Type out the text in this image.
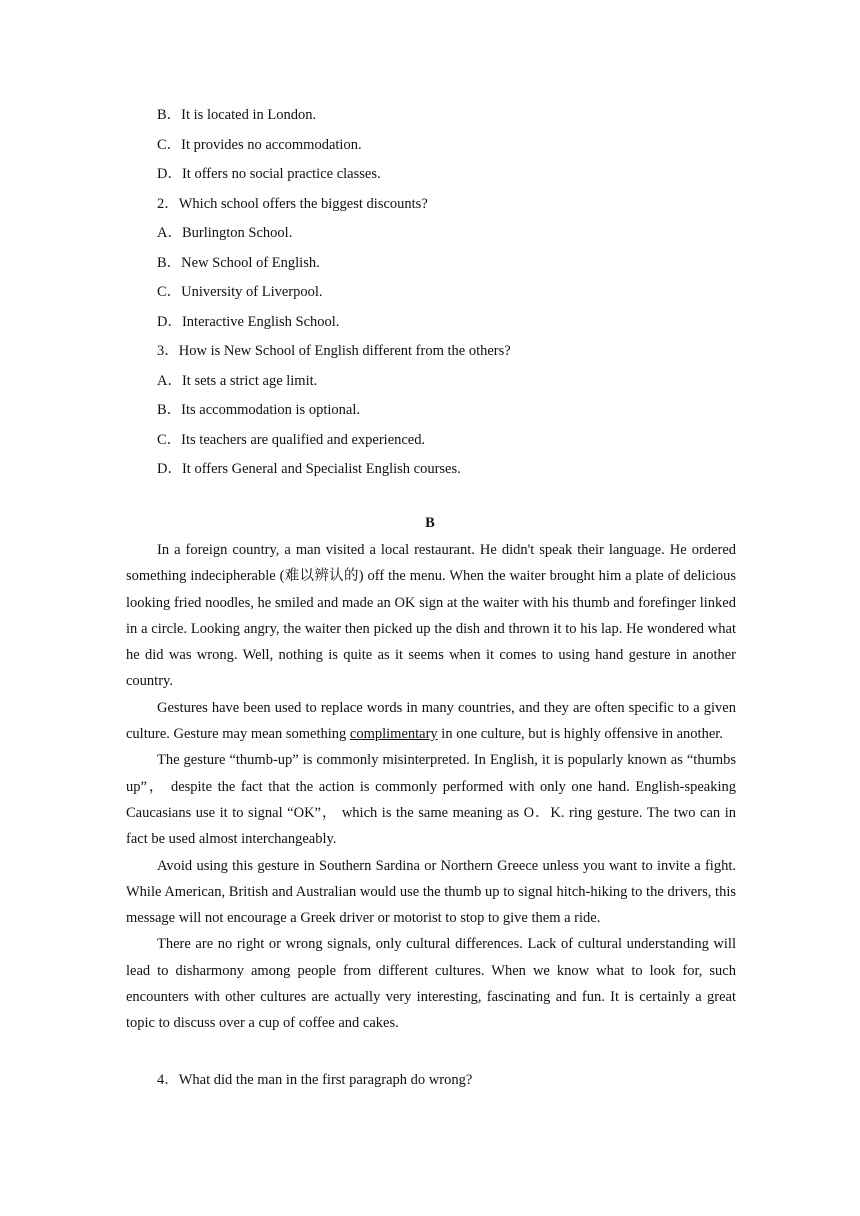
B．It is located in London.
C．It provides no accommodation.
D．It offers no social practice classes.
2．Which school offers the biggest discounts?
A．Burlington School.
B．New School of English.
C．University of Liverpool.
D．Interactive English School.
3．How is New School of English different from the others?
A．It sets a strict age limit.
B．Its accommodation is optional.
C．Its teachers are qualified and experienced.
D．It offers General and Specialist English courses.
B

In a foreign country, a man visited a local restaurant. He didn't speak their language. He ordered something indecipherable (难以辨认的) off the menu. When the waiter brought him a plate of delicious looking fried noodles, he smiled and made an OK sign at the waiter with his thumb and forefinger linked in a circle. Looking angry, the waiter then picked up the dish and thrown it to his lap. He wondered what he did was wrong. Well, nothing is quite as it seems when it comes to using hand gesture in another country.

Gestures have been used to replace words in many countries, and they are often specific to a given culture. Gesture may mean something complimentary in one culture, but is highly offensive in another.

The gesture “thumb-up” is commonly misinterpreted. In English, it is popularly known as “thumbs up”， despite the fact that the action is commonly performed with only one hand. English-speaking Caucasians use it to signal “OK”， which is the same meaning as O．K. ring gesture. The two can in fact be used almost interchangeably.

Avoid using this gesture in Southern Sardina or Northern Greece unless you want to invite a fight. While American, British and Australian would use the thumb up to signal hitch-hiking to the drivers, this message will not encourage a Greek driver or motorist to stop to give them a ride.

There are no right or wrong signals, only cultural differences. Lack of cultural understanding will lead to disharmony among people from different cultures. When we know what to look for, such encounters with other cultures are actually very interesting, fascinating and fun. It is certainly a great topic to discuss over a cup of coffee and cakes.

4．What did the man in the first paragraph do wrong?
